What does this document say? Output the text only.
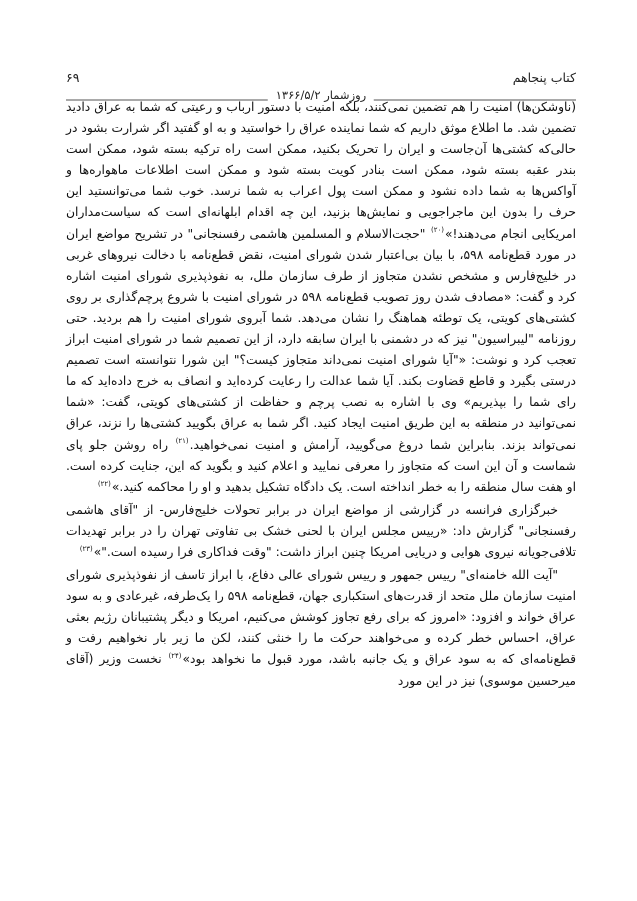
کتاب پنجاهم
۶۹
روزشمار ۱۳۶۶/۵/۲

(ناوشکن‌ها) امنیت را هم تضمین نمی‌کنند، بلکه امنیت با دستور ارباب و رعیتی که شما به عراق دادید تضمین شد. ما اطلاع موثق داریم که شما نماینده عراق را خواستید و به او گفتید اگر شرارت بشود در حالی‌که کشتی‌ها آن‌جاست و ایران را تحریک بکنید، ممکن است راه ترکیه بسته شود، ممکن است بندر عقبه بسته شود، ممکن است بنادر کویت بسته شود و ممکن است اطلاعات ماهواره‌ها و آواکس‌ها به شما داده نشود و ممکن است پول اعراب به شما نرسد. خوب شما می‌توانستید این حرف را بدون این ماجراجویی و نمایش‌ها بزنید، این چه اقدام ابلهانه‌ای است که سیاست‌مداران امریکایی انجام می‌دهند!»$^{(۲۰)}$ "حجت‌الاسلام و المسلمین هاشمی رفسنجانی" در تشریح مواضع ایران در مورد قطع‌نامه ۵۹۸، با بیان بی‌اعتبار شدن شورای امنیت، نقض قطع‌نامه با دخالت نیروهای غربی در خلیج‌فارس و مشخص نشدن متجاوز از طرف سازمان ملل، به نفوذپذیری شورای امنیت اشاره کرد و گفت: «مصادف شدن روز تصویب قطع‌نامه ۵۹۸ در شورای امنیت با شروع پرچم‌گذاری بر روی کشتی‌های کویتی، یک توطئه هماهنگ را نشان می‌دهد. شما آبروی شورای امنیت را هم بردید. حتی روزنامه "لیبراسیون" نیز که در دشمنی با ایران سابقه دارد، از این تصمیم شما در شورای امنیت ابراز تعجب کرد و نوشت: «"آیا شورای امنیت نمی‌داند متجاوز کیست؟" این شورا نتوانسته است تصمیم درستی بگیرد و قاطع قضاوت بکند. آیا شما عدالت را رعایت کرده‌اید و انصاف به خرج داده‌اید که ما رای شما را بپذیریم» وی با اشاره به نصب پرچم و حفاظت از کشتی‌های کویتی، گفت: «شما نمی‌توانید در منطقه به این طریق امنیت ایجاد کنید. اگر شما به عراق بگویید کشتی‌ها را نزند، عراق نمی‌تواند بزند. بنابراین شما دروغ می‌گویید، آرامش و امنیت نمی‌خواهید.$^{(۲۱)}$ راه روشن جلو پای شماست و آن این است که متجاوز را معرفی نمایید و اعلام کنید و بگوید که این، جنایت کرده است. او هفت سال منطقه را به خطر انداخته است. یک دادگاه تشکیل بدهید و او را محاکمه کنید.»$^{(۲۲)}$

خبرگزاری فرانسه در گزارشی از مواضع ایران در برابر تحولات خلیج‌فارس- از "آقای هاشمی رفسنجانی" گزارش داد: «رییس مجلس ایران با لحنی خشک بی تفاوتی تهران را در برابر تهدیدات تلافی‌جویانه نیروی هوایی و دریایی امریکا چنین ابراز داشت: "وقت فداکاری فرا رسیده است."»$^{(۲۳)}$

"آیت الله خامنه‌ای" رییس جمهور و رییس شورای عالی دفاع، با ابراز تاسف از نفوذپذیری شورای امنیت سازمان ملل متحد از قدرت‌های استکباری جهان، قطع‌نامه ۵۹۸ را یک‌طرفه، غیرعادی و به سود عراق خواند و افزود: «امروز که برای رفع تجاوز کوشش می‌کنیم، امریکا و دیگر پشتیبانان رژیم بعثی عراق، احساس خطر کرده و می‌خواهند حرکت ما را خنثی کنند، لکن ما زیر بار نخواهیم رفت و قطع‌نامه‌ای که به سود عراق و یک جانبه باشد، مورد قبول ما نخواهد بود»$^{(۲۴)}$ نخست وزیر (آقای میرحسین موسوی) نیز در این مورد
